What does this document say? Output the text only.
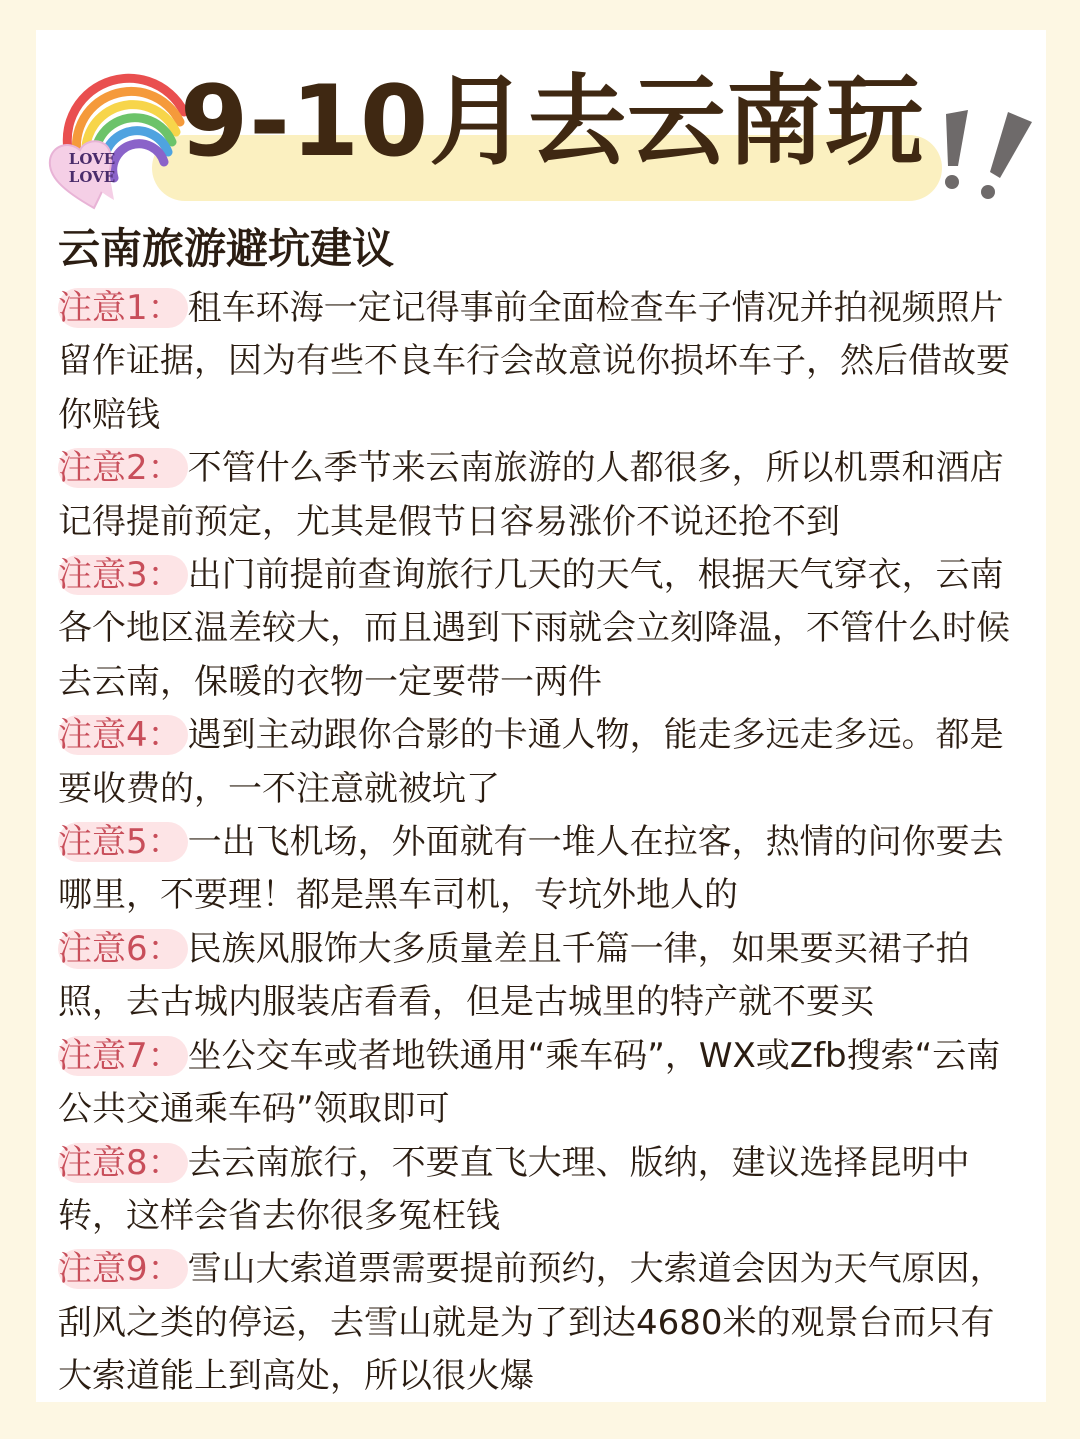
LOVE
LOVE 9-10月去云南玩
云南旅游避坑建议
注意1： 租车环海一定记得事前全面检查车子情况并拍视频照片留作证据，因为有些不良车行会故意说你损坏车子，然后借故要你赔钱
注意2： 不管什么季节来云南旅游的人都很多，所以机票和酒店记得提前预定，尤其是假节日容易涨价不说还抢不到
注意3： 出门前提前查询旅行几天的天气，根据天气穿衣，云南各个地区温差较大，而且遇到下雨就会立刻降温，不管什么时候去云南，保暖的衣物一定要带一两件
注意4： 遇到主动跟你合影的卡通人物，能走多远走多远。都是要收费的，一不注意就被坑了
注意5： 一出飞机场，外面就有一堆人在拉客，热情的问你要去哪里，不要理！都是黑车司机，专坑外地人的
注意6： 民族风服饰大多质量差且千篇一律，如果要买裙子拍照，去古城内服装店看看，但是古城里的特产就不要买
注意7： 坐公交车或者地铁通用“乘车码”，WX或Zfb搜索“云南公共交通乘车码”领取即可
注意8： 去云南旅行，不要直飞大理、版纳，建议选择昆明中转，这样会省去你很多冤枉钱
注意9： 雪山大索道票需要提前预约，大索道会因为天气原因，刮风之类的停运，去雪山就是为了到达4680米的观景台而只有大索道能上到高处，所以很火爆
